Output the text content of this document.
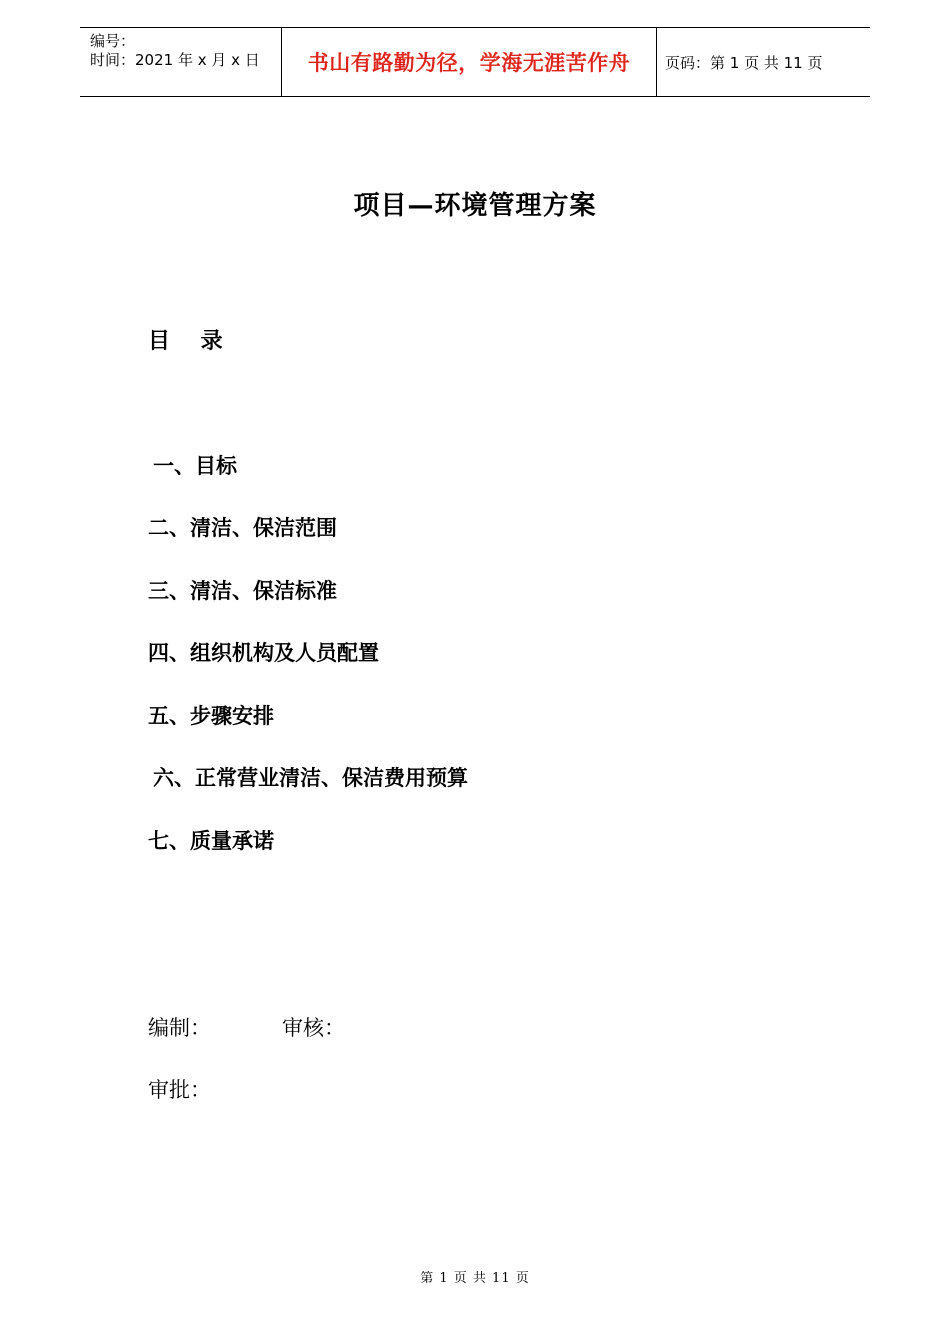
编号：
时间：2021 年 x 月 x 日 书山有路勤为径，学海无涯苦作舟	页码：第 1 页 共 11 页
项目—环境管理方案
目    录
一、目标
二、清洁、保洁范围
三、清洁、保洁标准
四、组织机构及人员配置
五、步骤安排
六、正常营业清洁、保洁费用预算
七、质量承诺
编制：	审核：
审批：
第 1 页 共 11 页
